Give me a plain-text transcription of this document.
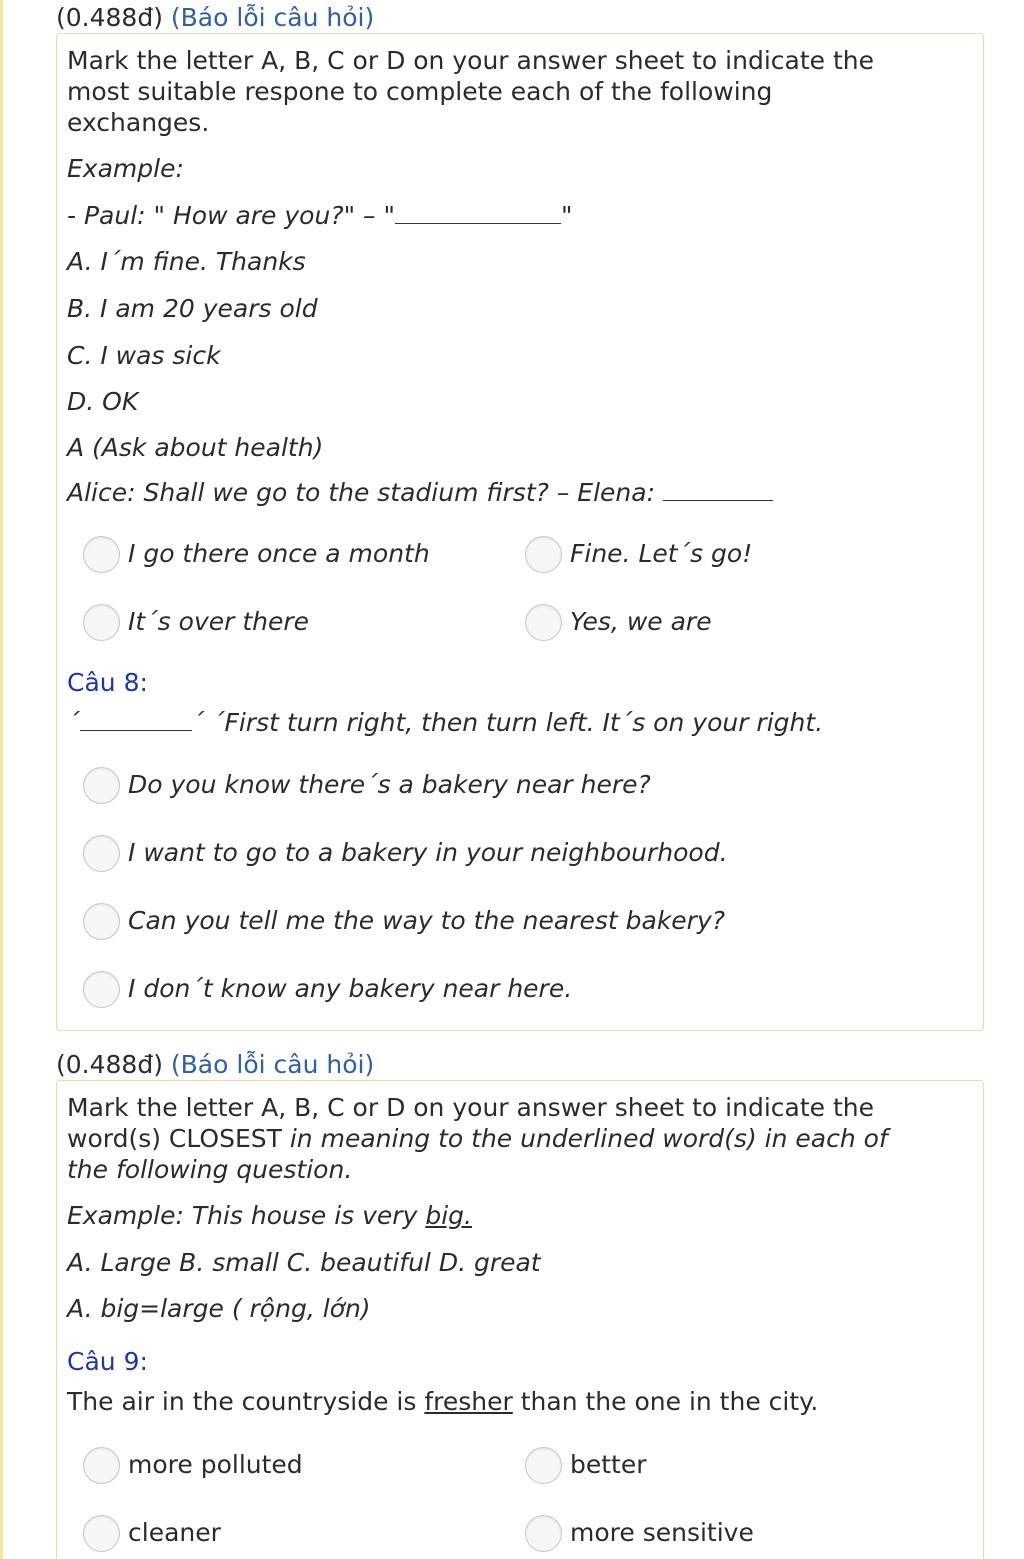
(0.488đ) (Báo lỗi câu hỏi)
Mark the letter A, B, C or D on your answer sheet to indicate the
most suitable respone to complete each of the following
exchanges.
Example:
- Paul: " How are you?" – "	"
A. I´m fine. Thanks
B. I am 20 years old
C. I was sick
D. OK
A (Ask about health)
Alice: Shall we go to the stadium first? – Elena:
I go there once a month	Fine. Let´s go!
It´s over there	Yes, we are
Câu 8:
´	´ ´First turn right, then turn left. It´s on your right.
Do you know there´s a bakery near here?
I want to go to a bakery in your neighbourhood.
Can you tell me the way to the nearest bakery?
I don´t know any bakery near here.
(0.488đ) (Báo lỗi câu hỏi)
Mark the letter A, B, C or D on your answer sheet to indicate the
word(s) CLOSEST in meaning to the underlined word(s) in each of
the following question.
Example: This house is very big.
A. Large B. small C. beautiful D. great
A. big=large ( rộng, lớn)
Câu 9:
The air in the countryside is fresher than the one in the city.
more polluted	better
cleaner	more sensitive
